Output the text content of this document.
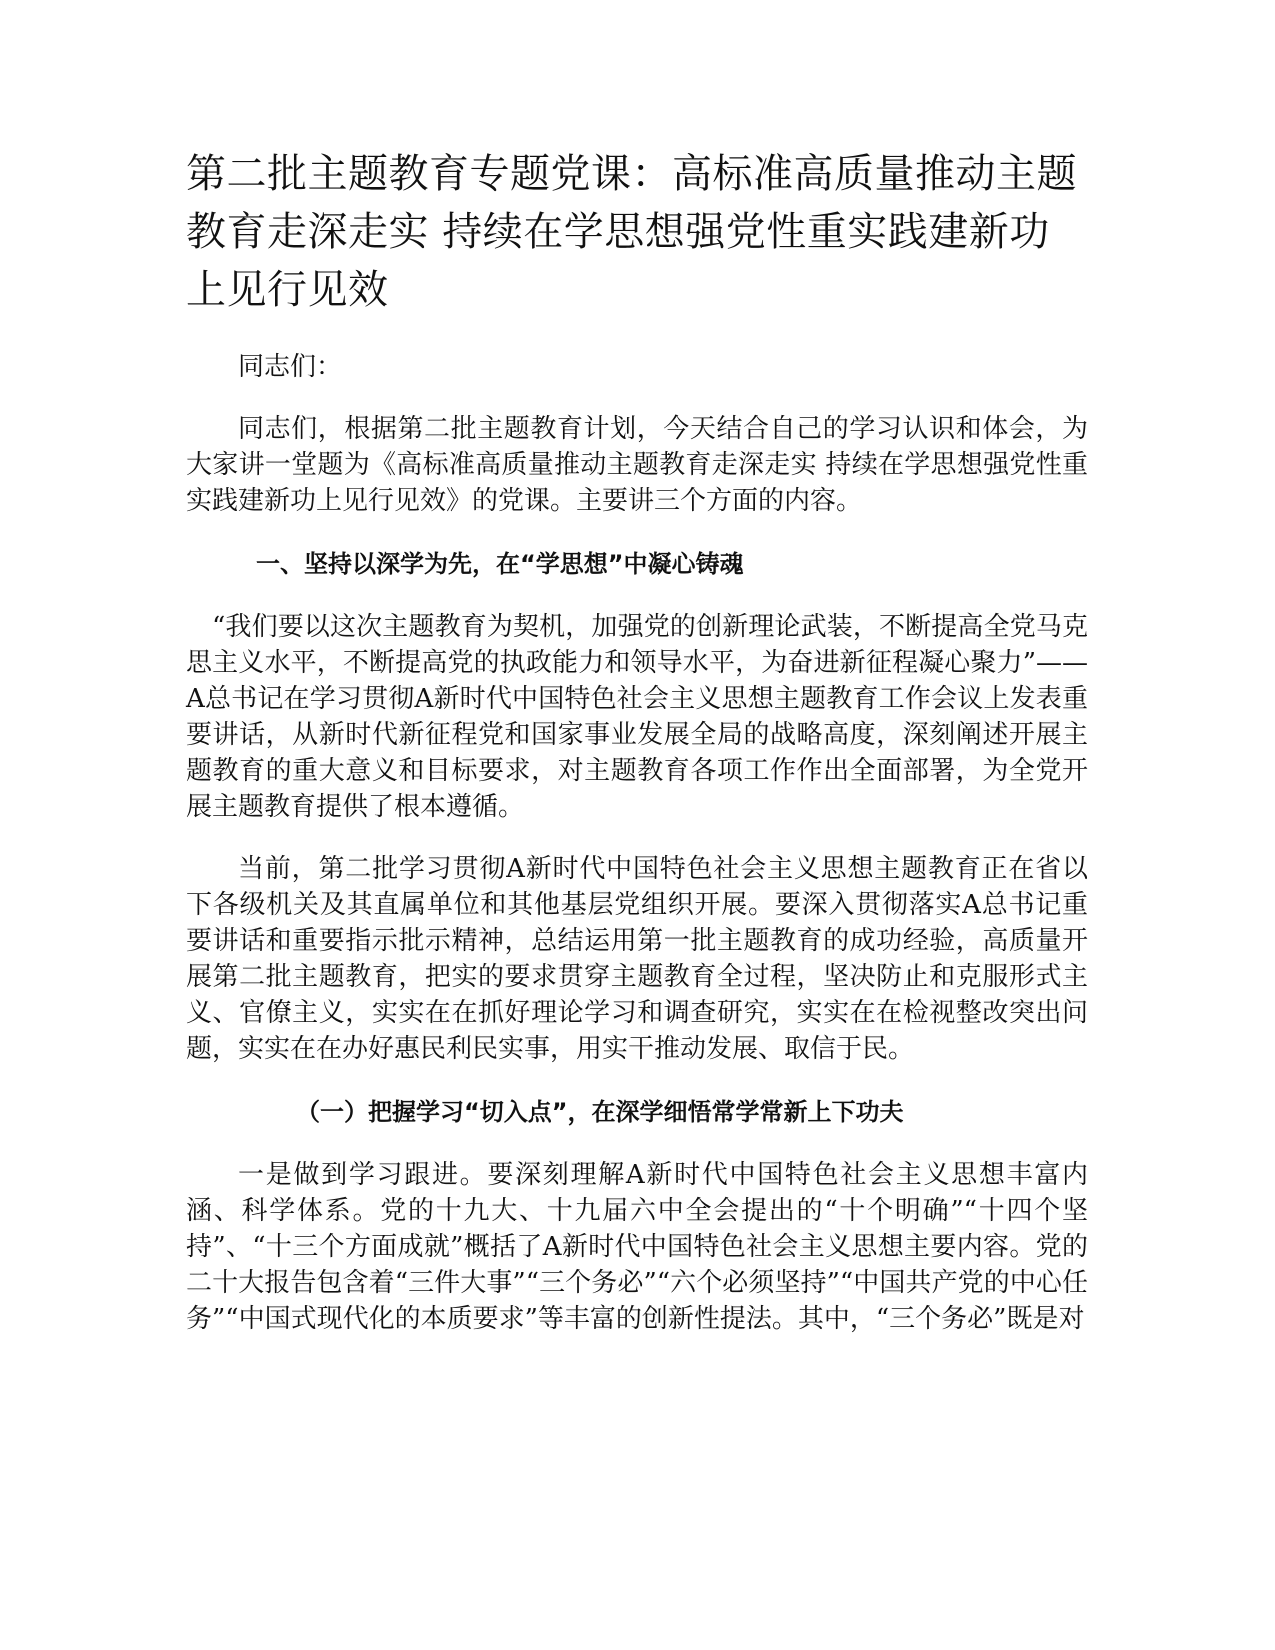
第二批主题教育专题党课：高标准高质量推动主题教育走深走实 持续在学思想强党性重实践建新功上见行见效

同志们：

同志们，根据第二批主题教育计划，今天结合自己的学习认识和体会，为大家讲一堂题为《高标准高质量推动主题教育走深走实 持续在学思想强党性重实践建新功上见行见效》的党课。主要讲三个方面的内容。

一、坚持以深学为先，在“学思想”中凝心铸魂

“我们要以这次主题教育为契机，加强党的创新理论武装，不断提高全党马克思主义水平，不断提高党的执政能力和领导水平，为奋进新征程凝心聚力”——A总书记在学习贯彻A新时代中国特色社会主义思想主题教育工作会议上发表重要讲话，从新时代新征程党和国家事业发展全局的战略高度，深刻阐述开展主题教育的重大意义和目标要求，对主题教育各项工作作出全面部署，为全党开展主题教育提供了根本遵循。

当前，第二批学习贯彻A新时代中国特色社会主义思想主题教育正在省以下各级机关及其直属单位和其他基层党组织开展。要深入贯彻落实A总书记重要讲话和重要指示批示精神，总结运用第一批主题教育的成功经验，高质量开展第二批主题教育，把实的要求贯穿主题教育全过程，坚决防止和克服形式主义、官僚主义，实实在在抓好理论学习和调查研究，实实在在检视整改突出问题，实实在在办好惠民利民实事，用实干推动发展、取信于民。

（一）把握学习“切入点”，在深学细悟常学常新上下功夫

一是做到学习跟进。要深刻理解A新时代中国特色社会主义思想丰富内涵、科学体系。党的十九大、十九届六中全会提出的“十个明确”“十四个坚持”、“十三个方面成就”概括了A新时代中国特色社会主义思想主要内容。党的二十大报告包含着“三件大事”“三个务必”“六个必须坚持”“中国共产党的中心任务”“中国式现代化的本质要求”等丰富的创新性提法。其中，“三个务必”既是对
